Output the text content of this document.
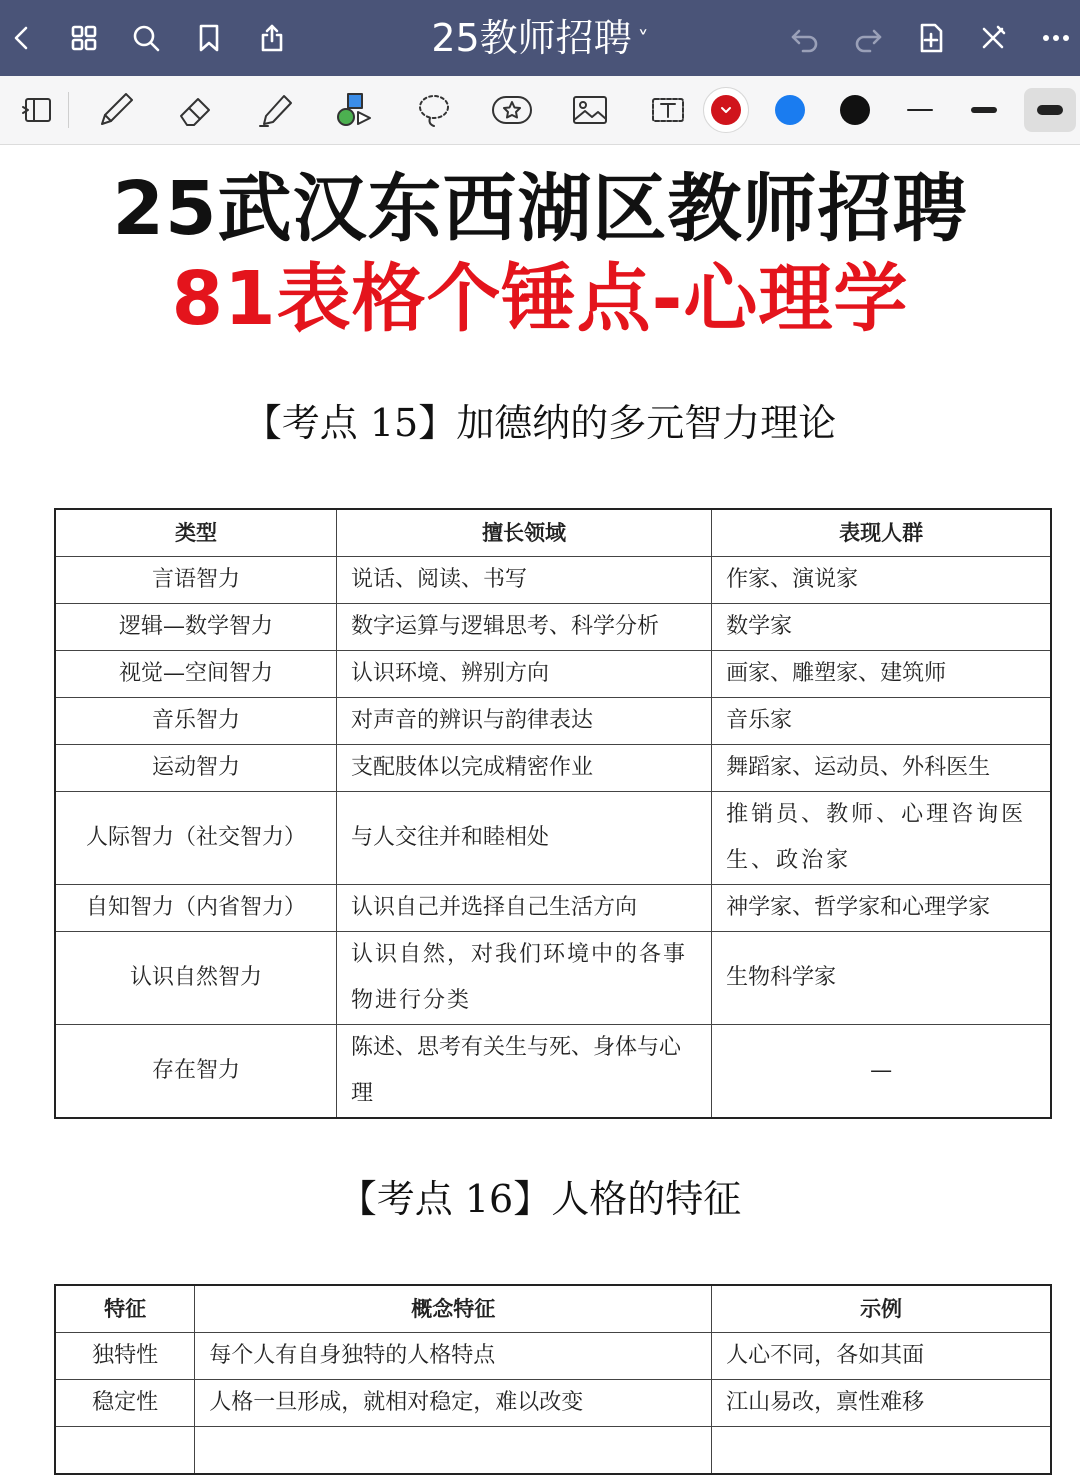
25教师招聘 ˅
25武汉东西湖区教师招聘
81表格个锤点-心理学
【考点 15】加德纳的多元智力理论
类型	擅长领域	表现人群
言语智力	说话、阅读、书写	作家、演说家
逻辑—数学智力	数字运算与逻辑思考、科学分析	数学家
视觉—空间智力	认识环境、辨别方向	画家、雕塑家、建筑师
音乐智力	对声音的辨识与韵律表达	音乐家
运动智力	支配肢体以完成精密作业	舞蹈家、运动员、外科医生
人际智力（社交智力）	与人交往并和睦相处	推销员、教师、心理咨询医生、政治家
自知智力（内省智力）	认识自己并选择自己生活方向	神学家、哲学家和心理学家
认识自然智力	认识自然，对我们环境中的各事物进行分类	生物科学家
存在智力	陈述、思考有关生与死、身体与心理	—
【考点 16】人格的特征
特征	概念特征	示例
独特性	每个人有自身独特的人格特点	人心不同，各如其面
稳定性	人格一旦形成，就相对稳定，难以改变	江山易改，禀性难移
